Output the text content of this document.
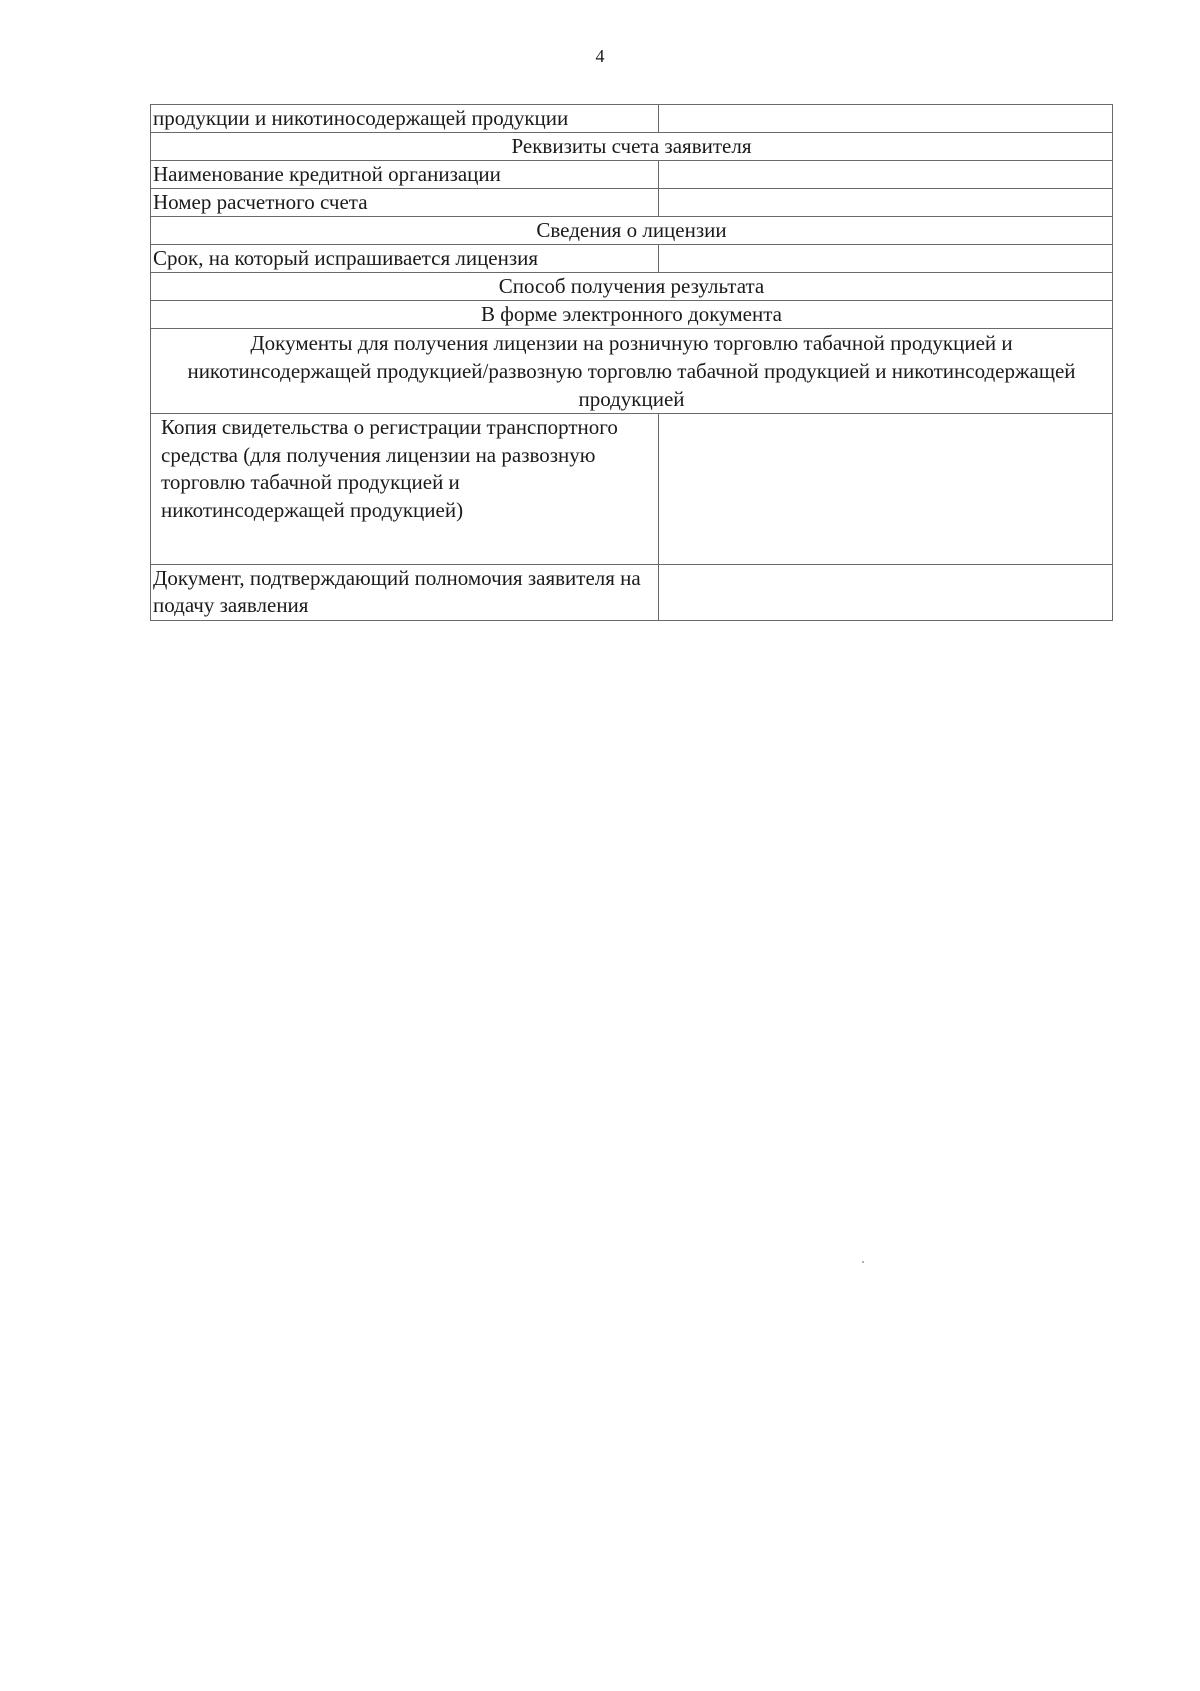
4
продукции и никотиносодержащей продукции	
Реквизиты счета заявителя	
Наименование кредитной организации	
Номер расчетного счета	
Сведения о лицензии	
Срок, на который испрашивается лицензия	
Способ получения результата	
В форме электронного документа	
Документы для получения лицензии на розничную торговлю табачной продукцией и никотинсодержащей продукцией/развозную торговлю табачной продукцией и никотинсодержащей продукцией	
Копия свидетельства о регистрации транспортного средства (для получения лицензии на развозную торговлю табачной продукцией и никотинсодержащей продукцией)	
Документ, подтверждающий полномочия заявителя на подачу заявления	
